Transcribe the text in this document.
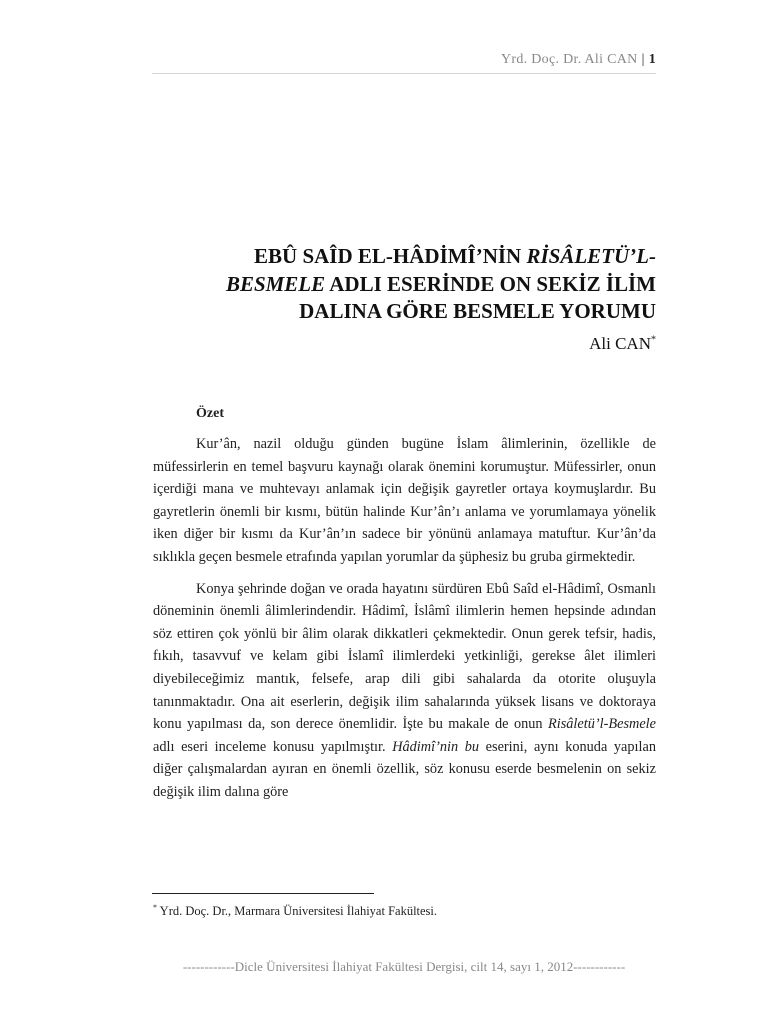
Yrd. Doç. Dr. Ali CAN | 1
EBÛ SAÎD EL-HÂDİMÎ’NİN RİSÂLETÜ’L-BESMELE ADLI ESERİNDE ON SEKİZ İLİM DALINA GÖRE BESMELE YORUMU
Ali CAN*
Özet

Kur’ân, nazil olduğu günden bugüne İslam âlimlerinin, özellikle de müfessirlerin en temel başvuru kaynağı olarak önemini korumuştur. Müfessirler, onun içerdiği mana ve muhtevayı anlamak için değişik gayretler ortaya koymuşlardır. Bu gayretlerin önemli bir kısmı, bütün halinde Kur’ân’ı anlama ve yorumlamaya yönelik iken diğer bir kısmı da Kur’ân’ın sadece bir yönünü anlamaya matuftur. Kur’ân’da sıklıkla geçen besmele etrafında yapılan yorumlar da şüphesiz bu gruba girmektedir.

Konya şehrinde doğan ve orada hayatını sürdüren Ebû Saîd el-Hâdimî, Osmanlı döneminin önemli âlimlerindendir. Hâdimî, İslâmî ilimlerin hemen hepsinde adından söz ettiren çok yönlü bir âlim olarak dikkatleri çekmektedir. Onun gerek tefsir, hadis, fıkıh, tasavvuf ve kelam gibi İslamî ilimlerdeki yetkinliği, gerekse âlet ilimleri diyebileceğimiz mantık, felsefe, arap dili gibi sahalarda da otorite oluşuyla tanınmaktadır. Ona ait eserlerin, değişik ilim sahalarında yüksek lisans ve doktoraya konu yapılması da, son derece önemlidir. İşte bu makale de onun Risâletü’l-Besmele adlı eseri inceleme konusu yapılmıştır. Hâdimî’nin bu eserini, aynı konuda yapılan diğer çalışmalardan ayıran en önemli özellik, söz konusu eserde besmelenin on sekiz değişik ilim dalına göre

* Yrd. Doç. Dr., Marmara Üniversitesi İlahiyat Fakültesi.
------------Dicle Üniversitesi İlahiyat Fakültesi Dergisi, cilt 14, sayı 1, 2012------------
